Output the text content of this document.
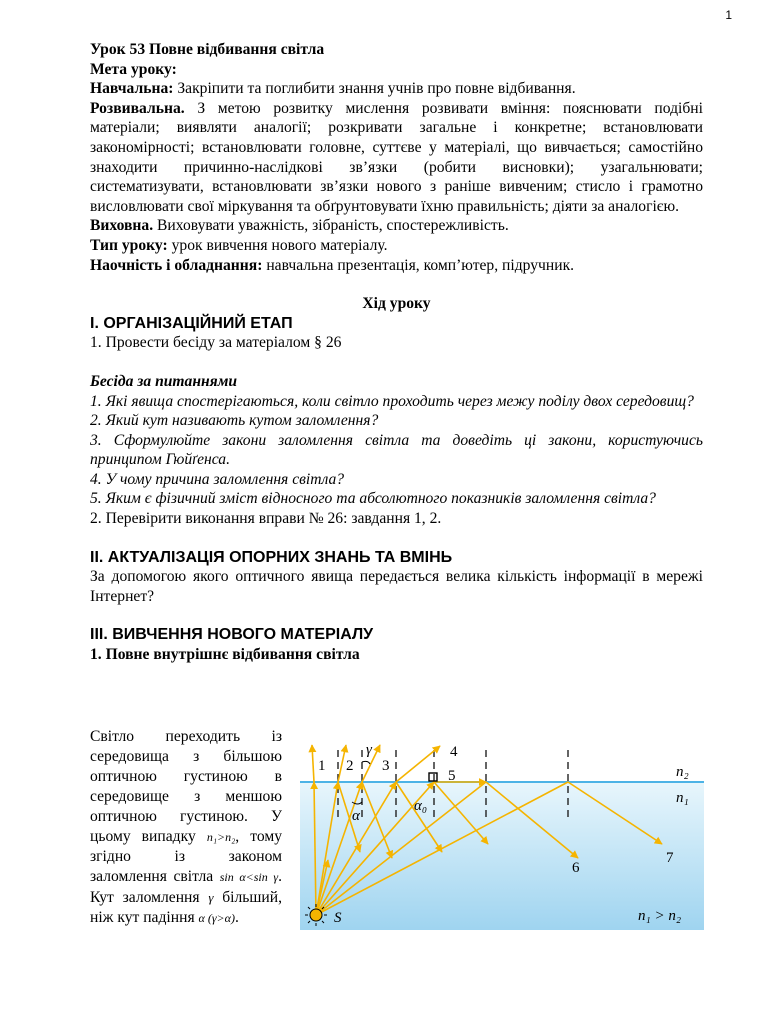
1

Урок 53 Повне відбивання світла

Мета уроку:

Навчальна: Закріпити та поглибити знання учнів про повне відбивання.

Розвивальна. З метою розвитку мислення розвивати вміння: пояснювати подібні матеріали; виявляти аналогії; розкривати загальне і конкретне; встановлювати закономірності; встановлювати головне, суттєве у матеріалі, що вивчається; самостійно знаходити причинно-наслідкові зв’язки (робити висновки); узагальнювати; систематизувати, встановлювати зв’язки нового з раніше вивченим; стисло і грамотно висловлювати свої міркування та обґрунтовувати їхню правильність; діяти за аналогією.

Виховна. Виховувати уважність, зібраність, спостережливість.

Тип уроку: урок вивчення нового матеріалу.

Наочність і обладнання: навчальна презентація, комп’ютер, підручник.

Хід уроку

I. ОРГАНІЗАЦІЙНИЙ ЕТАП

1. Провести бесіду за матеріалом § 26

Бесіда за питаннями

1. Які явища спостерігаються, коли світло проходить через межу поділу двох середовищ?

2. Який кут називають кутом заломлення?

3. Сформулюйте закони заломлення світла та доведіть ці закони, користуючись принципом Гюйґенса.

4. У чому причина заломлення світла?

5. Яким є фізичний зміст відносного та абсолютного показників заломлення світла?

2. Перевірити виконання вправи № 26: завдання 1, 2.

II. АКТУАЛІЗАЦІЯ ОПОРНИХ ЗНАНЬ ТА ВМІНЬ

За допомогою якого оптичного явища передається велика кількість інформації в мережі Інтернет?

III. ВИВЧЕННЯ НОВОГО МАТЕРІАЛУ

1. Повне внутрішнє відбивання світла

Світло переходить із середовища з більшою оптичною густиною в середовище з меншою оптичною густиною. У цьому випадку n₁>n₂, тому згідно із законом заломлення світла sin α<sin γ. Кут заломлення γ більший, ніж кут падіння α (γ>α).
1 2 3
4
5
6
7
γ
α
α₀
n₂
n₁
S	n₁ > n₂
